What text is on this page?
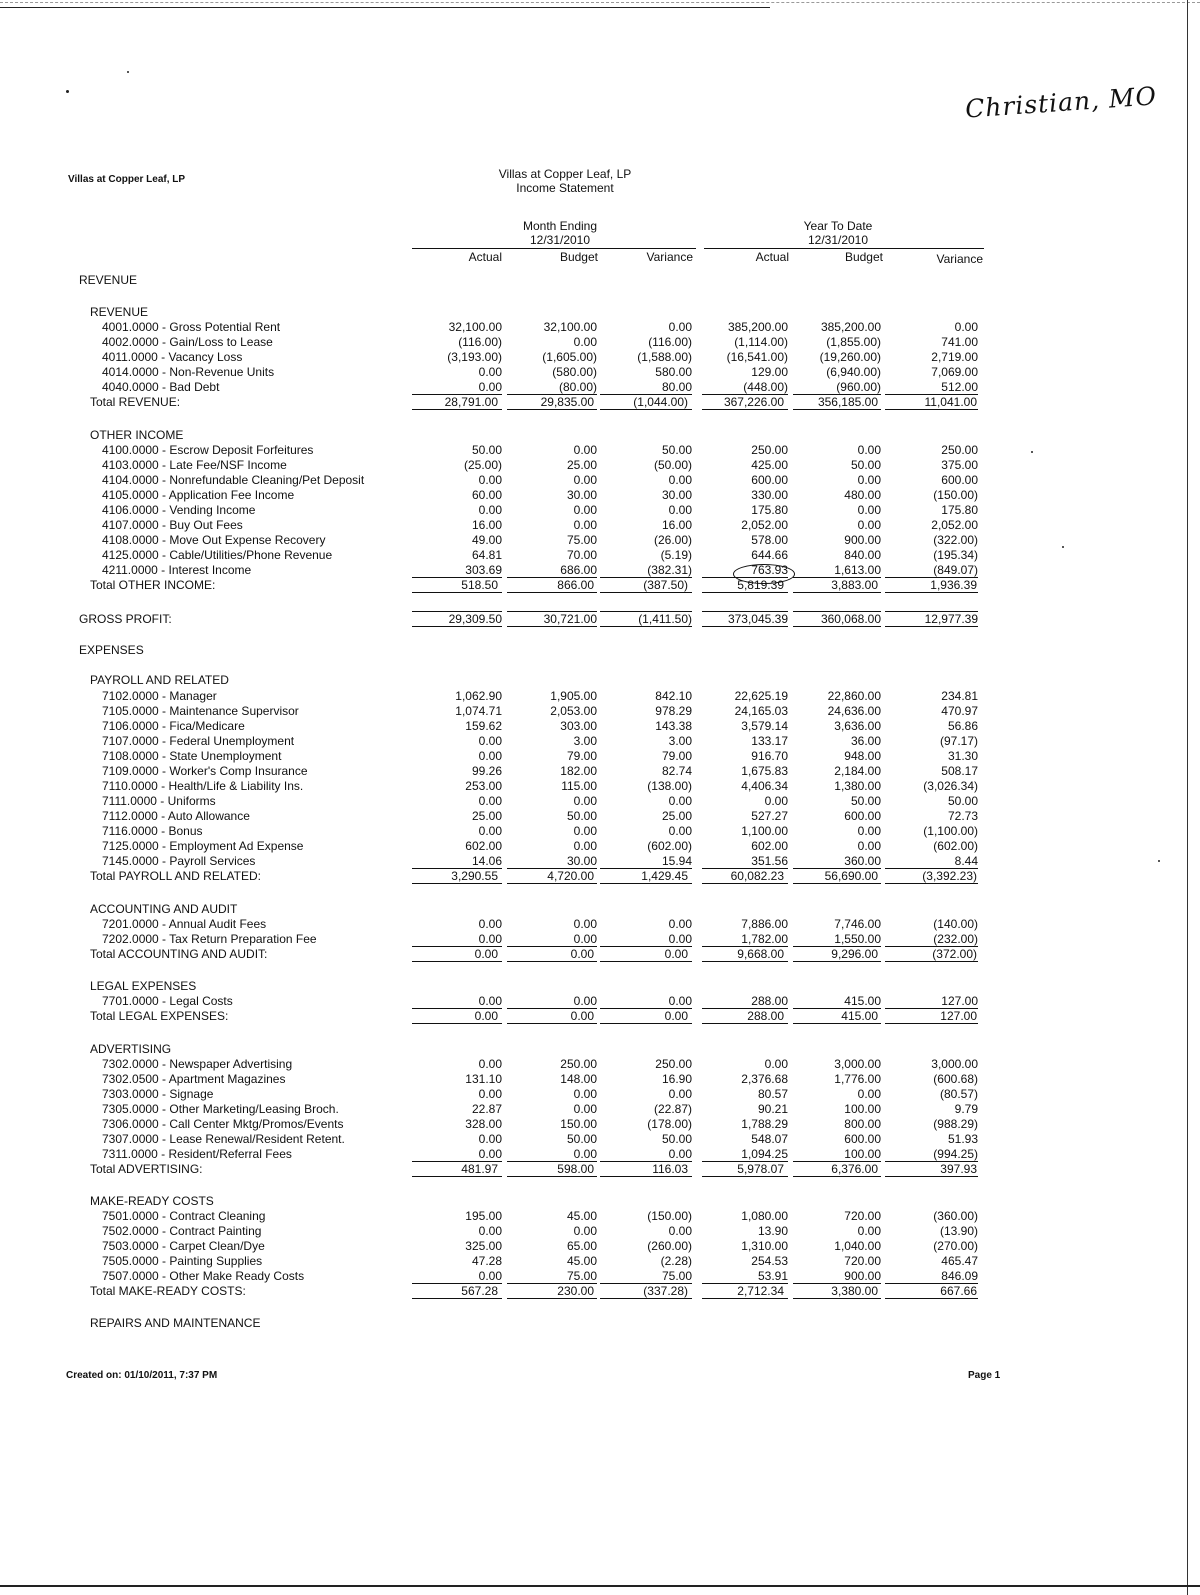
Christian, MO
Villas at Copper Leaf, LP	Villas at Copper Leaf, LP
Income Statement
Month Ending
12/31/2010
Year To Date
12/31/2010
Actual	Budget	Variance	Actual	Budget	Variance
REVENUE
REVENUE
4001.0000 - Gross Potential Rent	32,100.00	32,100.00	0.00	385,200.00	385,200.00	0.00
4002.0000 - Gain/Loss to Lease	(116.00)	0.00	(116.00)	(1,114.00)	(1,855.00)	741.00
4011.0000 - Vacancy Loss	(3,193.00)	(1,605.00)	(1,588.00)	(16,541.00)	(19,260.00)	2,719.00
4014.0000 - Non-Revenue Units	0.00	(580.00)	580.00	129.00	(6,940.00)	7,069.00
4040.0000 - Bad Debt	0.00	(80.00)	80.00	(448.00)	(960.00)	512.00
Total REVENUE:	28,791.00	29,835.00	(1,044.00)	367,226.00	356,185.00	11,041.00
OTHER INCOME
4100.0000 - Escrow Deposit Forfeitures	50.00	0.00	50.00	250.00	0.00	250.00
4103.0000 - Late Fee/NSF Income	(25.00)	25.00	(50.00)	425.00	50.00	375.00
4104.0000 - Nonrefundable Cleaning/Pet Deposit	0.00	0.00	0.00	600.00	0.00	600.00
4105.0000 - Application Fee Income	60.00	30.00	30.00	330.00	480.00	(150.00)
4106.0000 - Vending Income	0.00	0.00	0.00	175.80	0.00	175.80
4107.0000 - Buy Out Fees	16.00	0.00	16.00	2,052.00	0.00	2,052.00
4108.0000 - Move Out Expense Recovery	49.00	75.00	(26.00)	578.00	900.00	(322.00)
4125.0000 - Cable/Utilities/Phone Revenue	64.81	70.00	(5.19)	644.66	840.00	(195.34)
4211.0000 - Interest Income	303.69	686.00	(382.31)	763.93	1,613.00	(849.07)
Total OTHER INCOME:	518.50	866.00	(387.50)	5,819.39	3,883.00	1,936.39
GROSS PROFIT:	29,309.50	30,721.00	(1,411.50)	373,045.39	360,068.00	12,977.39
EXPENSES
PAYROLL AND RELATED
7102.0000 - Manager	1,062.90	1,905.00	842.10	22,625.19	22,860.00	234.81
7105.0000 - Maintenance Supervisor	1,074.71	2,053.00	978.29	24,165.03	24,636.00	470.97
7106.0000 - Fica/Medicare	159.62	303.00	143.38	3,579.14	3,636.00	56.86
7107.0000 - Federal Unemployment	0.00	3.00	3.00	133.17	36.00	(97.17)
7108.0000 - State Unemployment	0.00	79.00	79.00	916.70	948.00	31.30
7109.0000 - Worker's Comp Insurance	99.26	182.00	82.74	1,675.83	2,184.00	508.17
7110.0000 - Health/Life & Liability Ins.	253.00	115.00	(138.00)	4,406.34	1,380.00	(3,026.34)
7111.0000 - Uniforms	0.00	0.00	0.00	0.00	50.00	50.00
7112.0000 - Auto Allowance	25.00	50.00	25.00	527.27	600.00	72.73
7116.0000 - Bonus	0.00	0.00	0.00	1,100.00	0.00	(1,100.00)
7125.0000 - Employment Ad Expense	602.00	0.00	(602.00)	602.00	0.00	(602.00)
7145.0000 - Payroll Services	14.06	30.00	15.94	351.56	360.00	8.44
Total PAYROLL AND RELATED:	3,290.55	4,720.00	1,429.45	60,082.23	56,690.00	(3,392.23)
ACCOUNTING AND AUDIT
7201.0000 - Annual Audit Fees	0.00	0.00	0.00	7,886.00	7,746.00	(140.00)
7202.0000 - Tax Return Preparation Fee	0.00	0.00	0.00	1,782.00	1,550.00	(232.00)
Total ACCOUNTING AND AUDIT:	0.00	0.00	0.00	9,668.00	9,296.00	(372.00)
LEGAL EXPENSES
7701.0000 - Legal Costs	0.00	0.00	0.00	288.00	415.00	127.00
Total LEGAL EXPENSES:	0.00	0.00	0.00	288.00	415.00	127.00
ADVERTISING
7302.0000 - Newspaper Advertising	0.00	250.00	250.00	0.00	3,000.00	3,000.00
7302.0500 - Apartment Magazines	131.10	148.00	16.90	2,376.68	1,776.00	(600.68)
7303.0000 - Signage	0.00	0.00	0.00	80.57	0.00	(80.57)
7305.0000 - Other Marketing/Leasing Broch.	22.87	0.00	(22.87)	90.21	100.00	9.79
7306.0000 - Call Center Mktg/Promos/Events	328.00	150.00	(178.00)	1,788.29	800.00	(988.29)
7307.0000 - Lease Renewal/Resident Retent.	0.00	50.00	50.00	548.07	600.00	51.93
7311.0000 - Resident/Referral Fees	0.00	0.00	0.00	1,094.25	100.00	(994.25)
Total ADVERTISING:	481.97	598.00	116.03	5,978.07	6,376.00	397.93
MAKE-READY COSTS
7501.0000 - Contract Cleaning	195.00	45.00	(150.00)	1,080.00	720.00	(360.00)
7502.0000 - Contract Painting	0.00	0.00	0.00	13.90	0.00	(13.90)
7503.0000 - Carpet Clean/Dye	325.00	65.00	(260.00)	1,310.00	1,040.00	(270.00)
7505.0000 - Painting Supplies	47.28	45.00	(2.28)	254.53	720.00	465.47
7507.0000 - Other Make Ready Costs	0.00	75.00	75.00	53.91	900.00	846.09
Total MAKE-READY COSTS:	567.28	230.00	(337.28)	2,712.34	3,380.00	667.66
REPAIRS AND MAINTENANCE
Created on: 01/10/2011, 7:37 PM	Page 1
